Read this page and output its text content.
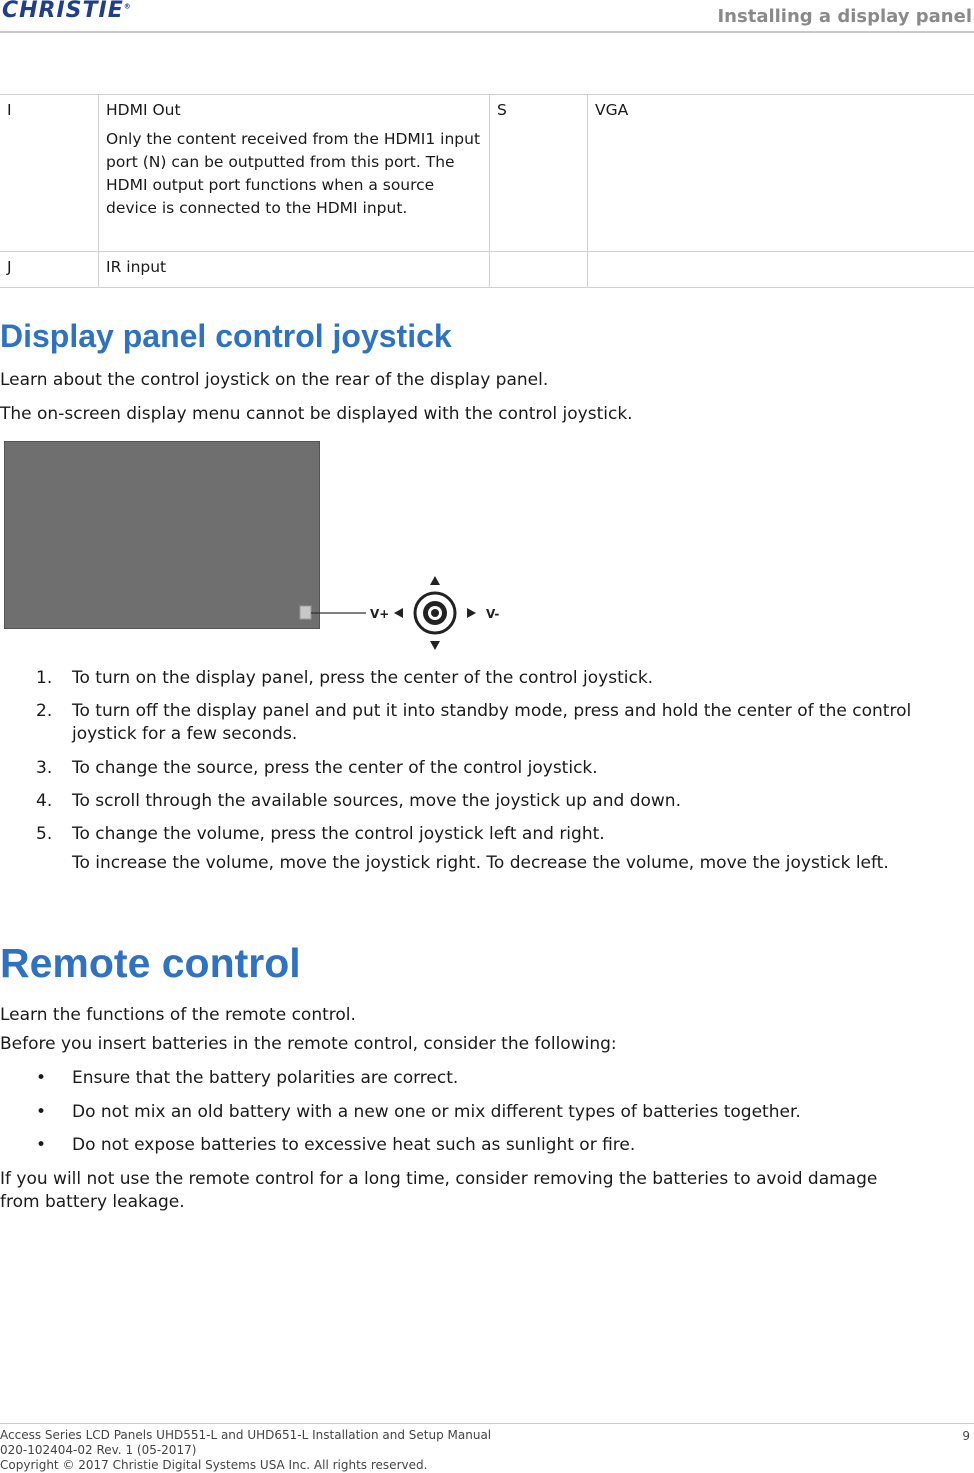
CHRISTIE®	Installing a display panel
I	HDMI Out
Only the content received from the HDMI1 input port (N) can be outputted from this port. The HDMI output port functions when a source device is connected to the HDMI input.	S	VGA
J	IR input		
Display panel control joystick
Learn about the control joystick on the rear of the display panel.
The on-screen display menu cannot be displayed with the control joystick.
V+	V-
1. To turn on the display panel, press the center of the control joystick.
2. To turn off the display panel and put it into standby mode, press and hold the center of the control joystick for a few seconds.
3. To change the source, press the center of the control joystick.
4. To scroll through the available sources, move the joystick up and down.
5. To change the volume, press the control joystick left and right.
To increase the volume, move the joystick right. To decrease the volume, move the joystick left.
Remote control
Learn the functions of the remote control.
Before you insert batteries in the remote control, consider the following:
• Ensure that the battery polarities are correct.
• Do not mix an old battery with a new one or mix different types of batteries together.
• Do not expose batteries to excessive heat such as sunlight or fire.
If you will not use the remote control for a long time, consider removing the batteries to avoid damage from battery leakage.
Access Series LCD Panels UHD551-L and UHD651-L Installation and Setup Manual
020-102404-02 Rev. 1 (05-2017)
Copyright © 2017 Christie Digital Systems USA Inc. All rights reserved.
9
